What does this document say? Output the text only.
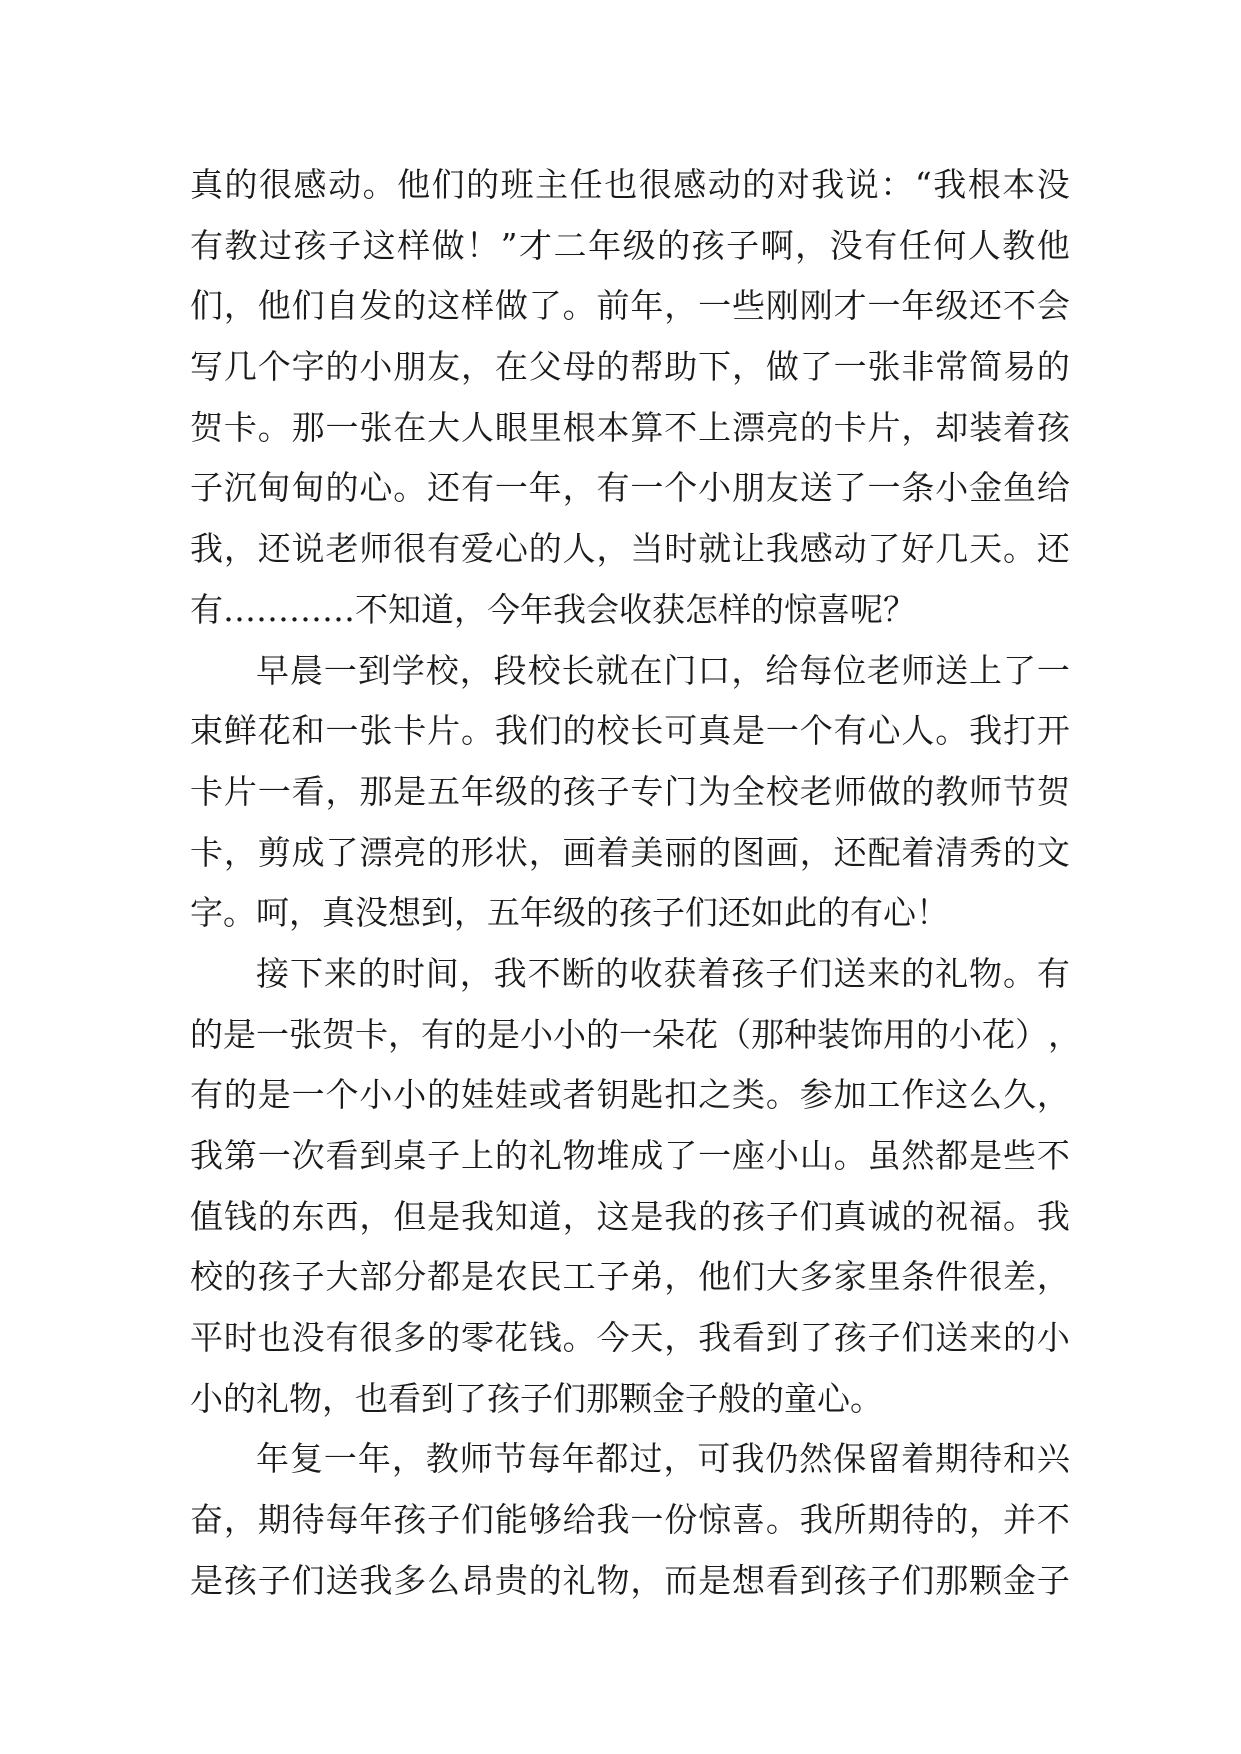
真 的 很 感 动 。 他 们 的 班 主 任 也 很 感 动 的 对 我 说 ： “ 我 根 本 没
有 教 过 孩 子 这 样 做 ！ ” 才 二 年 级 的 孩 子 啊 ， 没 有 任 何 人 教 他
们 ， 他 们 自 发 的 这 样 做 了 。 前 年 ， 一 些 刚 刚 才 一 年 级 还 不 会
写 几 个 字 的 小 朋 友 ， 在 父 母 的 帮 助 下 ， 做 了 一 张 非 常 简 易 的
贺 卡 。 那 一 张 在 大 人 眼 里 根 本 算 不 上 漂 亮 的 卡 片 ， 却 装 着 孩
子 沉 甸 甸 的 心 。 还 有 一 年 ， 有 一 个 小 朋 友 送 了 一 条 小 金 鱼 给
我 ， 还 说 老 师 很 有 爱 心 的 人 ， 当 时 就 让 我 感 动 了 好 几 天 。 还
有…………不知道，今年我会收获怎样的惊喜呢？
早 晨 一 到 学 校 ， 段 校 长 就 在 门 口 ， 给 每 位 老 师 送 上 了 一
束 鲜 花 和 一 张 卡 片 。 我 们 的 校 长 可 真 是 一 个 有 心 人 。 我 打 开
卡 片 一 看 ， 那 是 五 年 级 的 孩 子 专 门 为 全 校 老 师 做 的 教 师 节 贺
卡 ， 剪 成 了 漂 亮 的 形 状 ， 画 着 美 丽 的 图 画 ， 还 配 着 清 秀 的 文
字。呵，真没想到，五年级的孩子们还如此的有心！
接 下 来 的 时 间 ， 我 不 断 的 收 获 着 孩 子 们 送 来 的 礼 物 。 有
的 是 一 张 贺 卡 ， 有 的 是 小 小 的 一 朵 花 （ 那 种 装 饰 用 的 小 花 ） ，
有 的 是 一 个 小 小 的 娃 娃 或 者 钥 匙 扣 之 类 。 参 加 工 作 这 么 久 ，
我 第 一 次 看 到 桌 子 上 的 礼 物 堆 成 了 一 座 小 山 。 虽 然 都 是 些 不
值 钱 的 东 西 ， 但 是 我 知 道 ， 这 是 我 的 孩 子 们 真 诚 的 祝 福 。 我
校 的 孩 子 大 部 分 都 是 农 民 工 子 弟 ， 他 们 大 多 家 里 条 件 很 差 ，
平 时 也 没 有 很 多 的 零 花 钱 。 今 天 ， 我 看 到 了 孩 子 们 送 来 的 小
小的礼物，也看到了孩子们那颗金子般的童心。
年 复 一 年 ， 教 师 节 每 年 都 过 ， 可 我 仍 然 保 留 着 期 待 和 兴
奋 ， 期 待 每 年 孩 子 们 能 够 给 我 一 份 惊 喜 。 我 所 期 待 的 ， 并 不
是 孩 子 们 送 我 多 么 昂 贵 的 礼 物 ， 而 是 想 看 到 孩 子 们 那 颗 金 子
